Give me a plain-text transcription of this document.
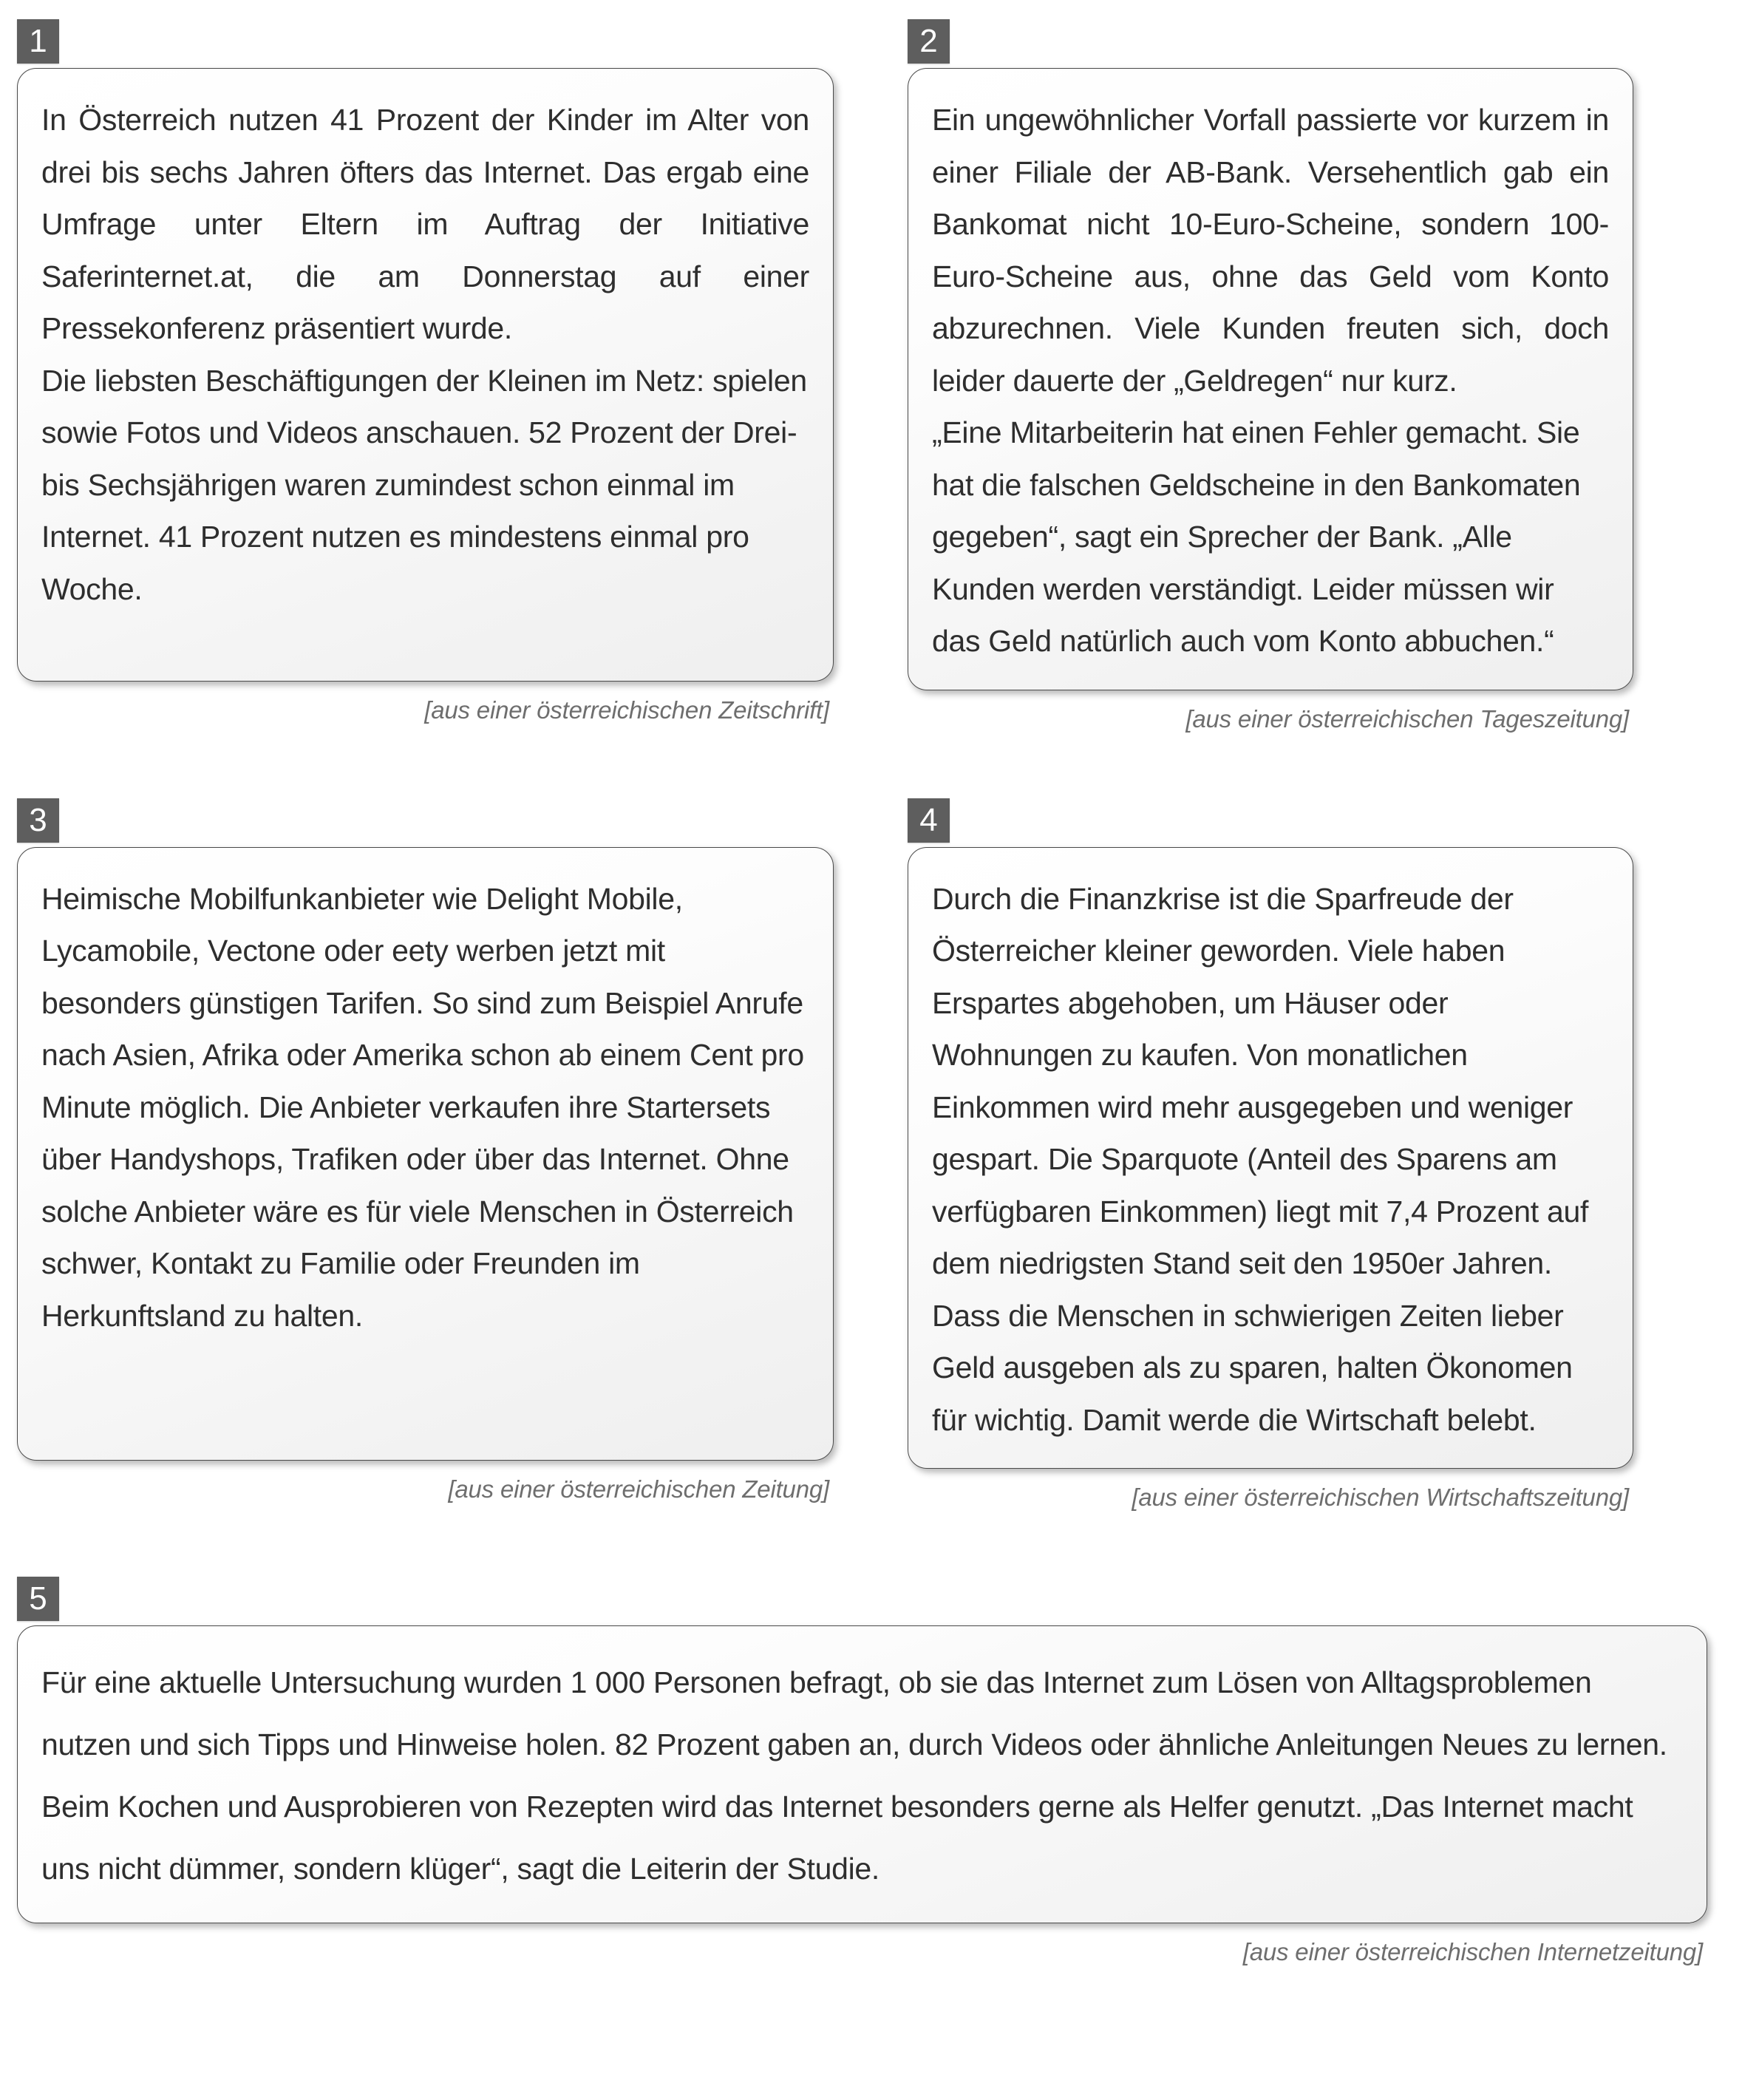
1

In Österreich nutzen 41 Prozent der Kinder im Alter von drei bis sechs Jahren öfters das Internet. Das ergab eine Umfrage unter Eltern im Auftrag der Initiative Saferinternet.at, die am Donnerstag auf einer Pressekonferenz präsentiert wurde.

Die liebsten Beschäftigungen der Kleinen im Netz: spielen sowie Fotos und Videos anschauen. 52 Prozent der Drei- bis Sechsjährigen waren zumindest schon einmal im Internet. 41 Prozent nutzen es mindestens einmal pro Woche.

[aus einer österreichischen Zeitschrift]
2

Ein ungewöhnlicher Vorfall passierte vor kurzem in einer Filiale der AB-Bank. Versehentlich gab ein Bankomat nicht 10-Euro-Scheine, sondern 100-Euro-Scheine aus, ohne das Geld vom Konto abzurechnen. Viele Kunden freuten sich, doch leider dauerte der „Geldregen“ nur kurz.

„Eine Mitarbeiterin hat einen Fehler gemacht. Sie hat die falschen Geldscheine in den Bankomaten gegeben“, sagt ein Sprecher der Bank. „Alle Kunden werden verständigt. Leider müssen wir das Geld natürlich auch vom Konto abbuchen.“

[aus einer österreichischen Tageszeitung]
3

Heimische Mobilfunkanbieter wie Delight Mobile, Lycamobile, Vectone oder eety werben jetzt mit besonders günstigen Tarifen. So sind zum Beispiel Anrufe nach Asien, Afrika oder Amerika schon ab einem Cent pro Minute möglich. Die Anbieter verkaufen ihre Startersets über Handyshops, Trafiken oder über das Internet. Ohne solche Anbieter wäre es für viele Menschen in Österreich schwer, Kontakt zu Familie oder Freunden im Herkunftsland zu halten.

[aus einer österreichischen Zeitung]
4

Durch die Finanzkrise ist die Sparfreude der Österreicher kleiner geworden. Viele haben Erspartes abgehoben, um Häuser oder Wohnungen zu kaufen. Von monatlichen Einkommen wird mehr ausgegeben und weniger gespart. Die Sparquote (Anteil des Sparens am verfügbaren Einkommen) liegt mit 7,4 Prozent auf dem niedrigsten Stand seit den 1950er Jahren. Dass die Menschen in schwierigen Zeiten lieber Geld ausgeben als zu sparen, halten Ökonomen für wichtig. Damit werde die Wirtschaft belebt.

[aus einer österreichischen Wirtschaftszeitung]
5

Für eine aktuelle Untersuchung wurden 1 000 Personen befragt, ob sie das Internet zum Lösen von Alltagsproblemen nutzen und sich Tipps und Hinweise holen. 82 Prozent gaben an, durch Videos oder ähnliche Anleitungen Neues zu lernen. Beim Kochen und Ausprobieren von Rezepten wird das Internet besonders gerne als Helfer genutzt. „Das Internet macht uns nicht dümmer, sondern klüger“, sagt die Leiterin der Studie.

[aus einer österreichischen Internetzeitung]
